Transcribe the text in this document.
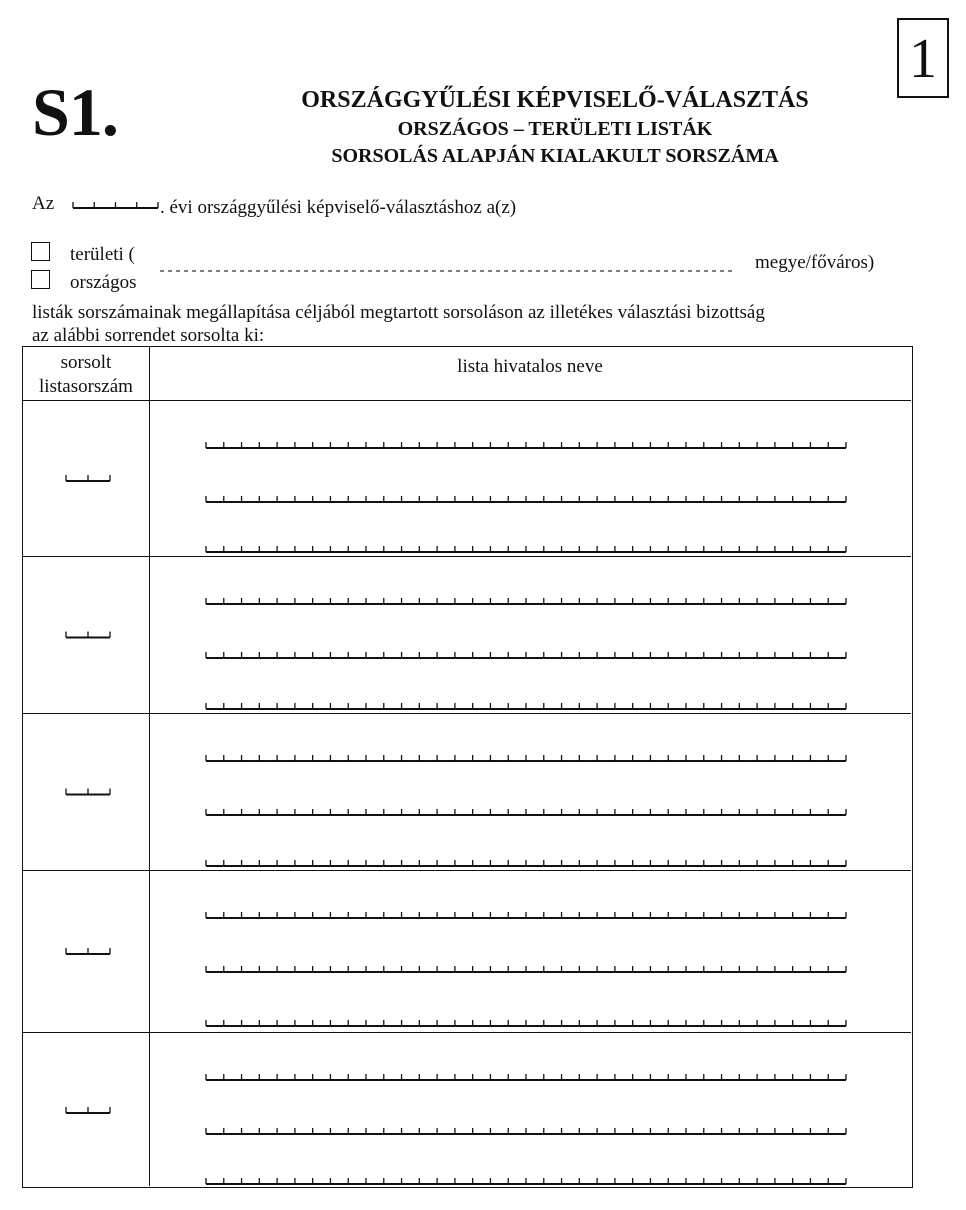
S1.
1
ORSZÁGGYŰLÉSI KÉPVISELŐ-VÁLASZTÁS
ORSZÁGOS – TERÜLETI LISTÁK
SORSOLÁS ALAPJÁN KIALAKULT SORSZÁMA
Az	. évi országgyűlési képviselő-választáshoz a(z)
területi (	megye/főváros)
országos
listák sorszámainak megállapítása céljából megtartott sorsoláson az illetékes választási bizottság
az alábbi sorrendet sorsolta ki:
sorsolt
listasorszám
lista hivatalos neve
